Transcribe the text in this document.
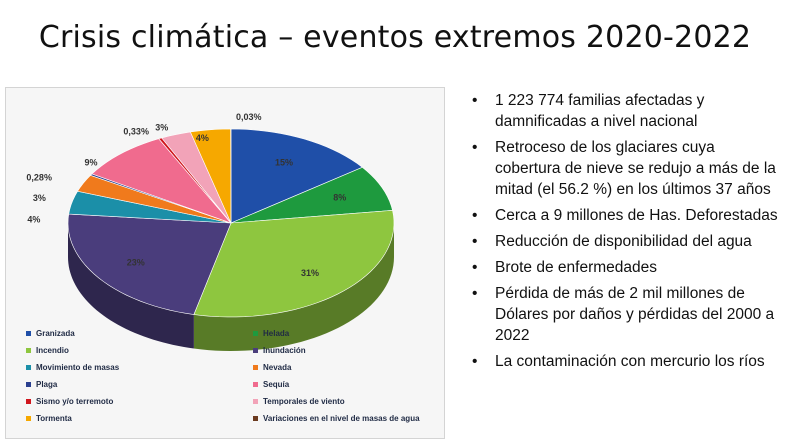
Crisis climática – eventos extremos 2020-2022
15%
8%
31%
23%
4%
3%
0,28%
9%
0,33% 3%
4%
0,03%
Granizada	Helada
Incendio	Inundación
Movimiento de masas	Nevada
Plaga	Sequía
Sismo y/o terremoto	Temporales de viento
Tormenta	Variaciones en el nivel de masas de agua
• 1 223 774 familias afectadas y damnificadas a nivel nacional
• Retroceso de los glaciares cuya cobertura de nieve se redujo a más de la mitad (el 56.2 %) en los últimos 37 años
• Cerca a 9 millones de Has. Deforestadas
• Reducción de disponibilidad del agua
• Brote de enfermedades
• Pérdida de más de 2 mil millones de Dólares por daños y pérdidas del 2000 a 2022
• La contaminación con mercurio los ríos
